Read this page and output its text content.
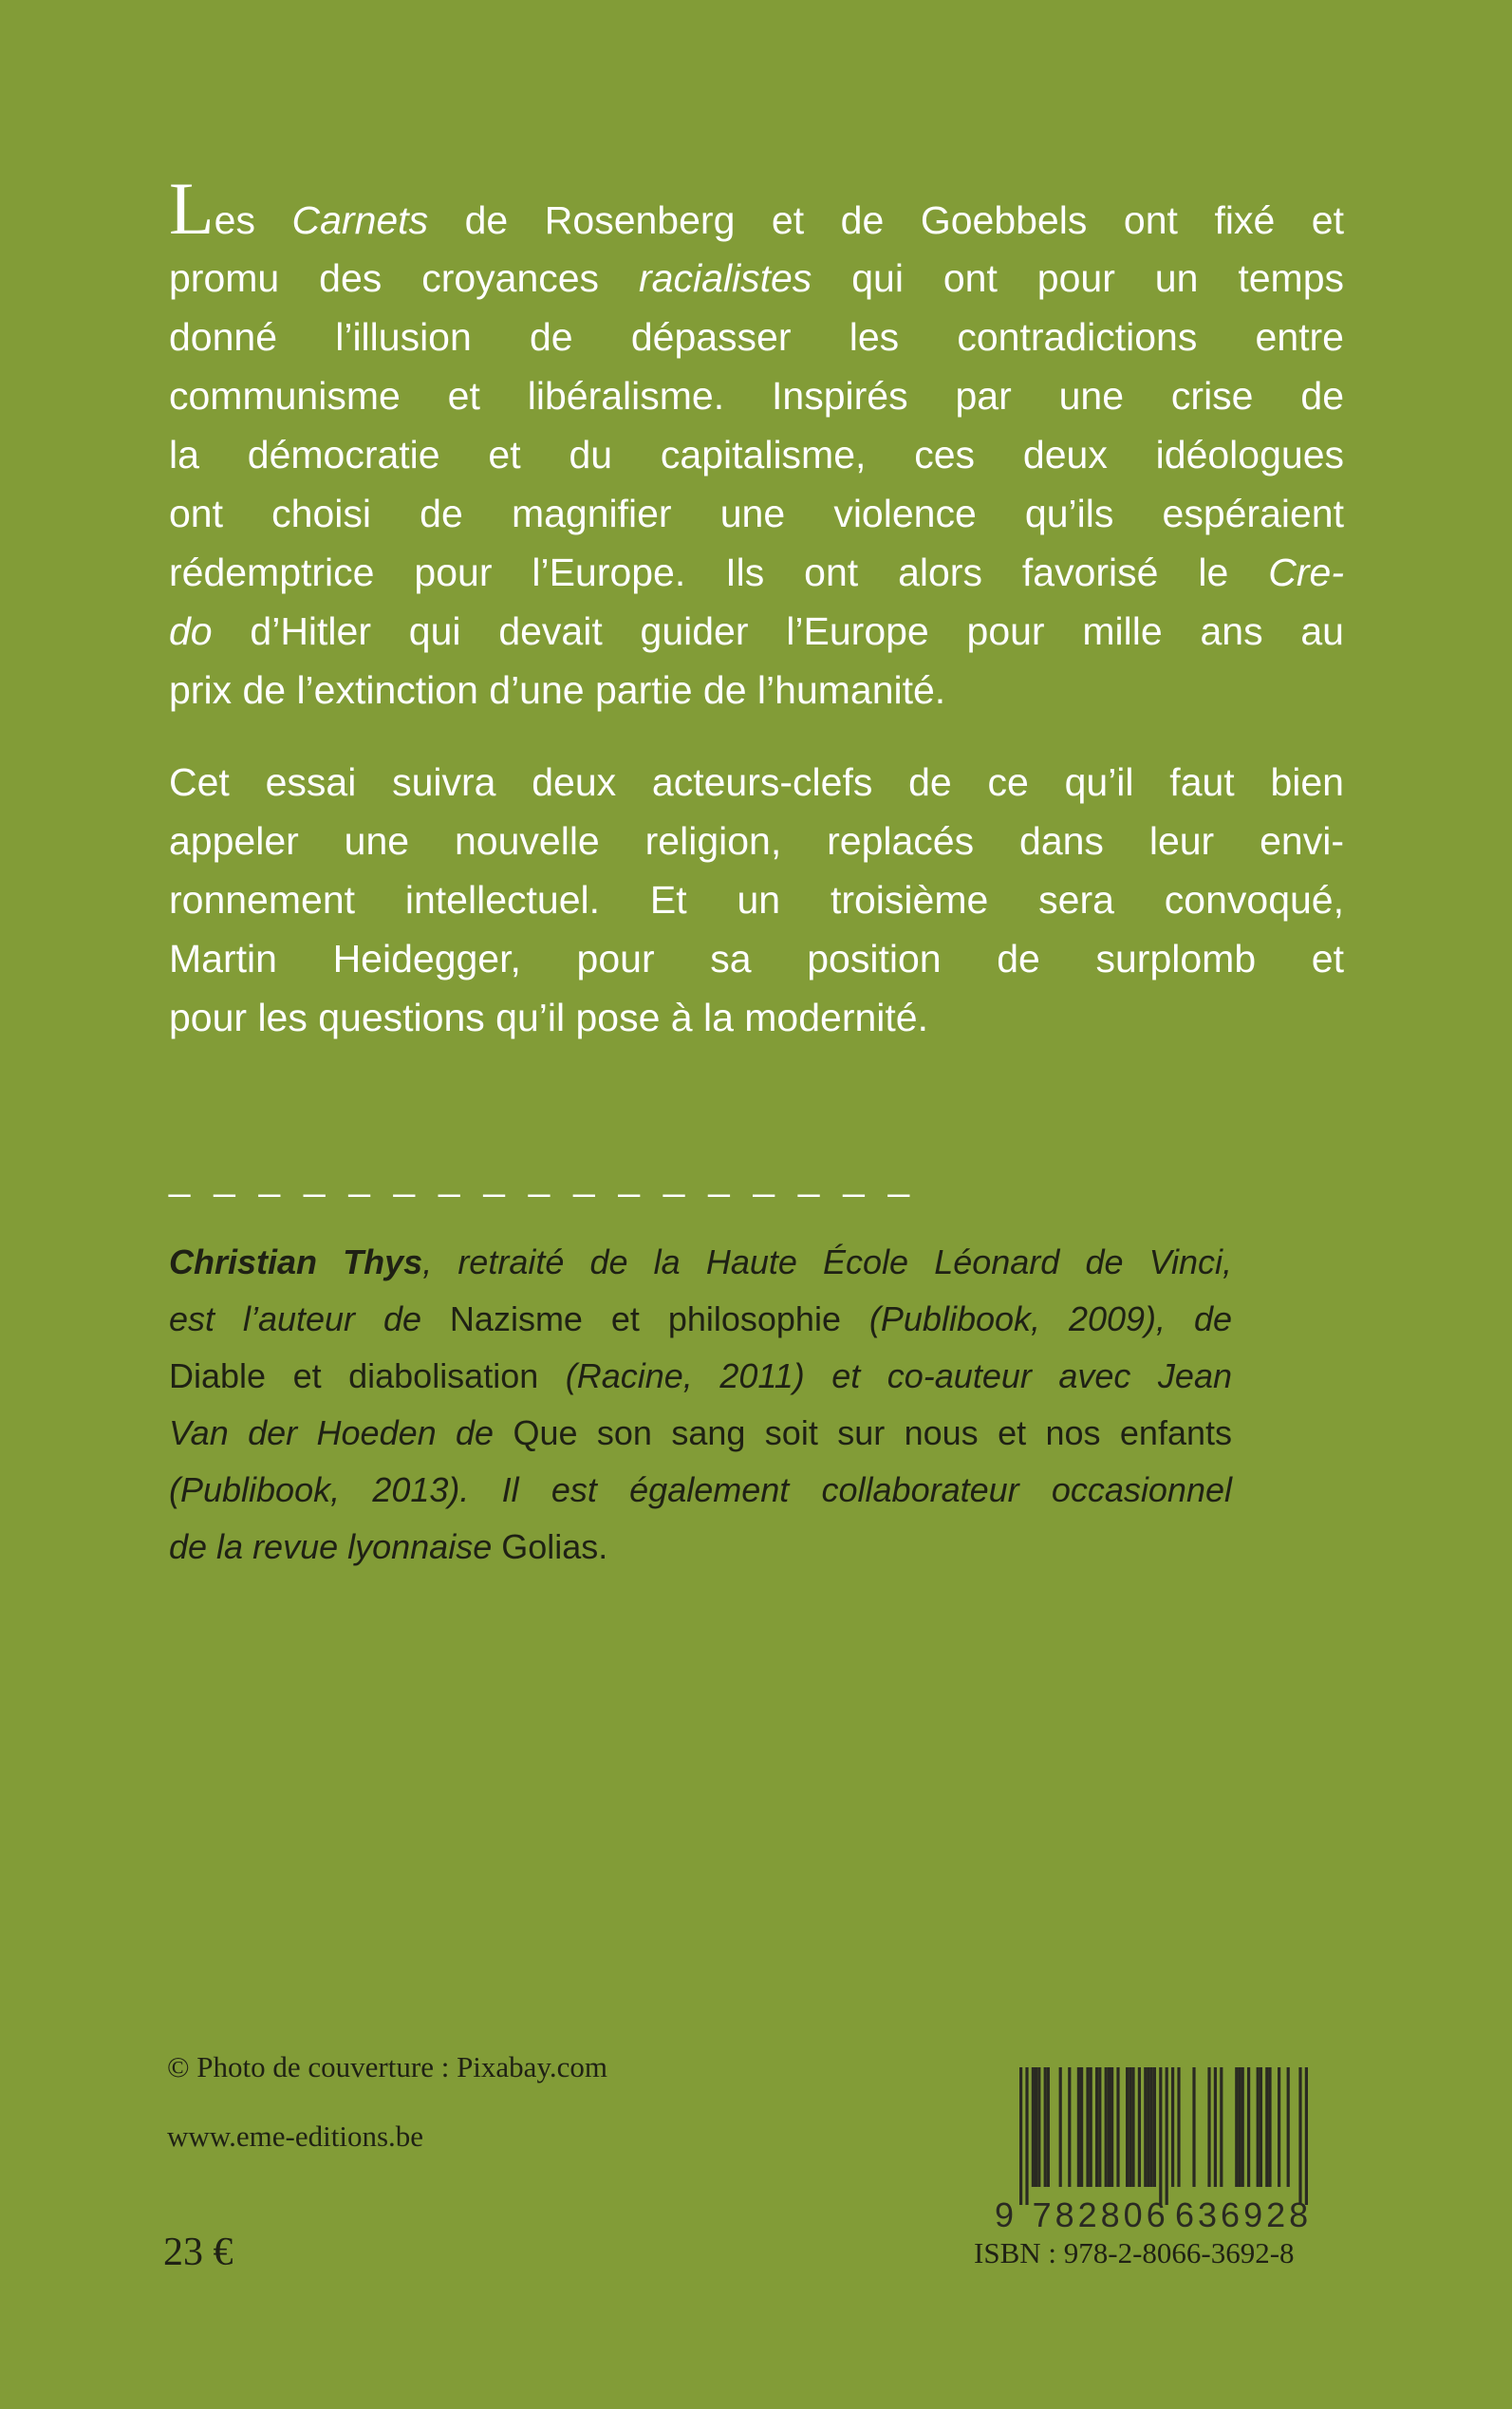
Les Carnets de Rosenberg et de Goebbels ont fixé et
promu des croyances racialistes qui ont pour un temps
donné l’illusion de dépasser les contradictions entre
communisme et libéralisme. Inspirés par une crise de
la démocratie et du capitalisme, ces deux idéologues
ont choisi de magnifier une violence qu’ils espéraient
rédemptrice pour l’Europe. Ils ont alors favorisé le Cre-
do d’Hitler qui devait guider l’Europe pour mille ans au
prix de l’extinction d’une partie de l’humanité.
Cet essai suivra deux acteurs-clefs de ce qu’il faut bien
appeler une nouvelle religion, replacés dans leur envi-
ronnement intellectuel. Et un troisième sera convoqué,
Martin Heidegger, pour sa position de surplomb et
pour les questions qu’il pose à la modernité.
_ _ _ _ _ _ _ _ _ _ _ _ _ _ _ _ _
Christian Thys, retraité de la Haute École Léonard de Vinci,
est l’auteur de Nazisme et philosophie (Publibook, 2009), de
Diable et diabolisation (Racine, 2011) et co-auteur avec Jean
Van der Hoeden de Que son sang soit sur nous et nos enfants
(Publibook, 2013). Il est également collaborateur occasionnel
de la revue lyonnaise Golias.
© Photo de couverture : Pixabay.com
www.eme-editions.be
23 €
9 782806 636928
ISBN : 978-2-8066-3692-8
